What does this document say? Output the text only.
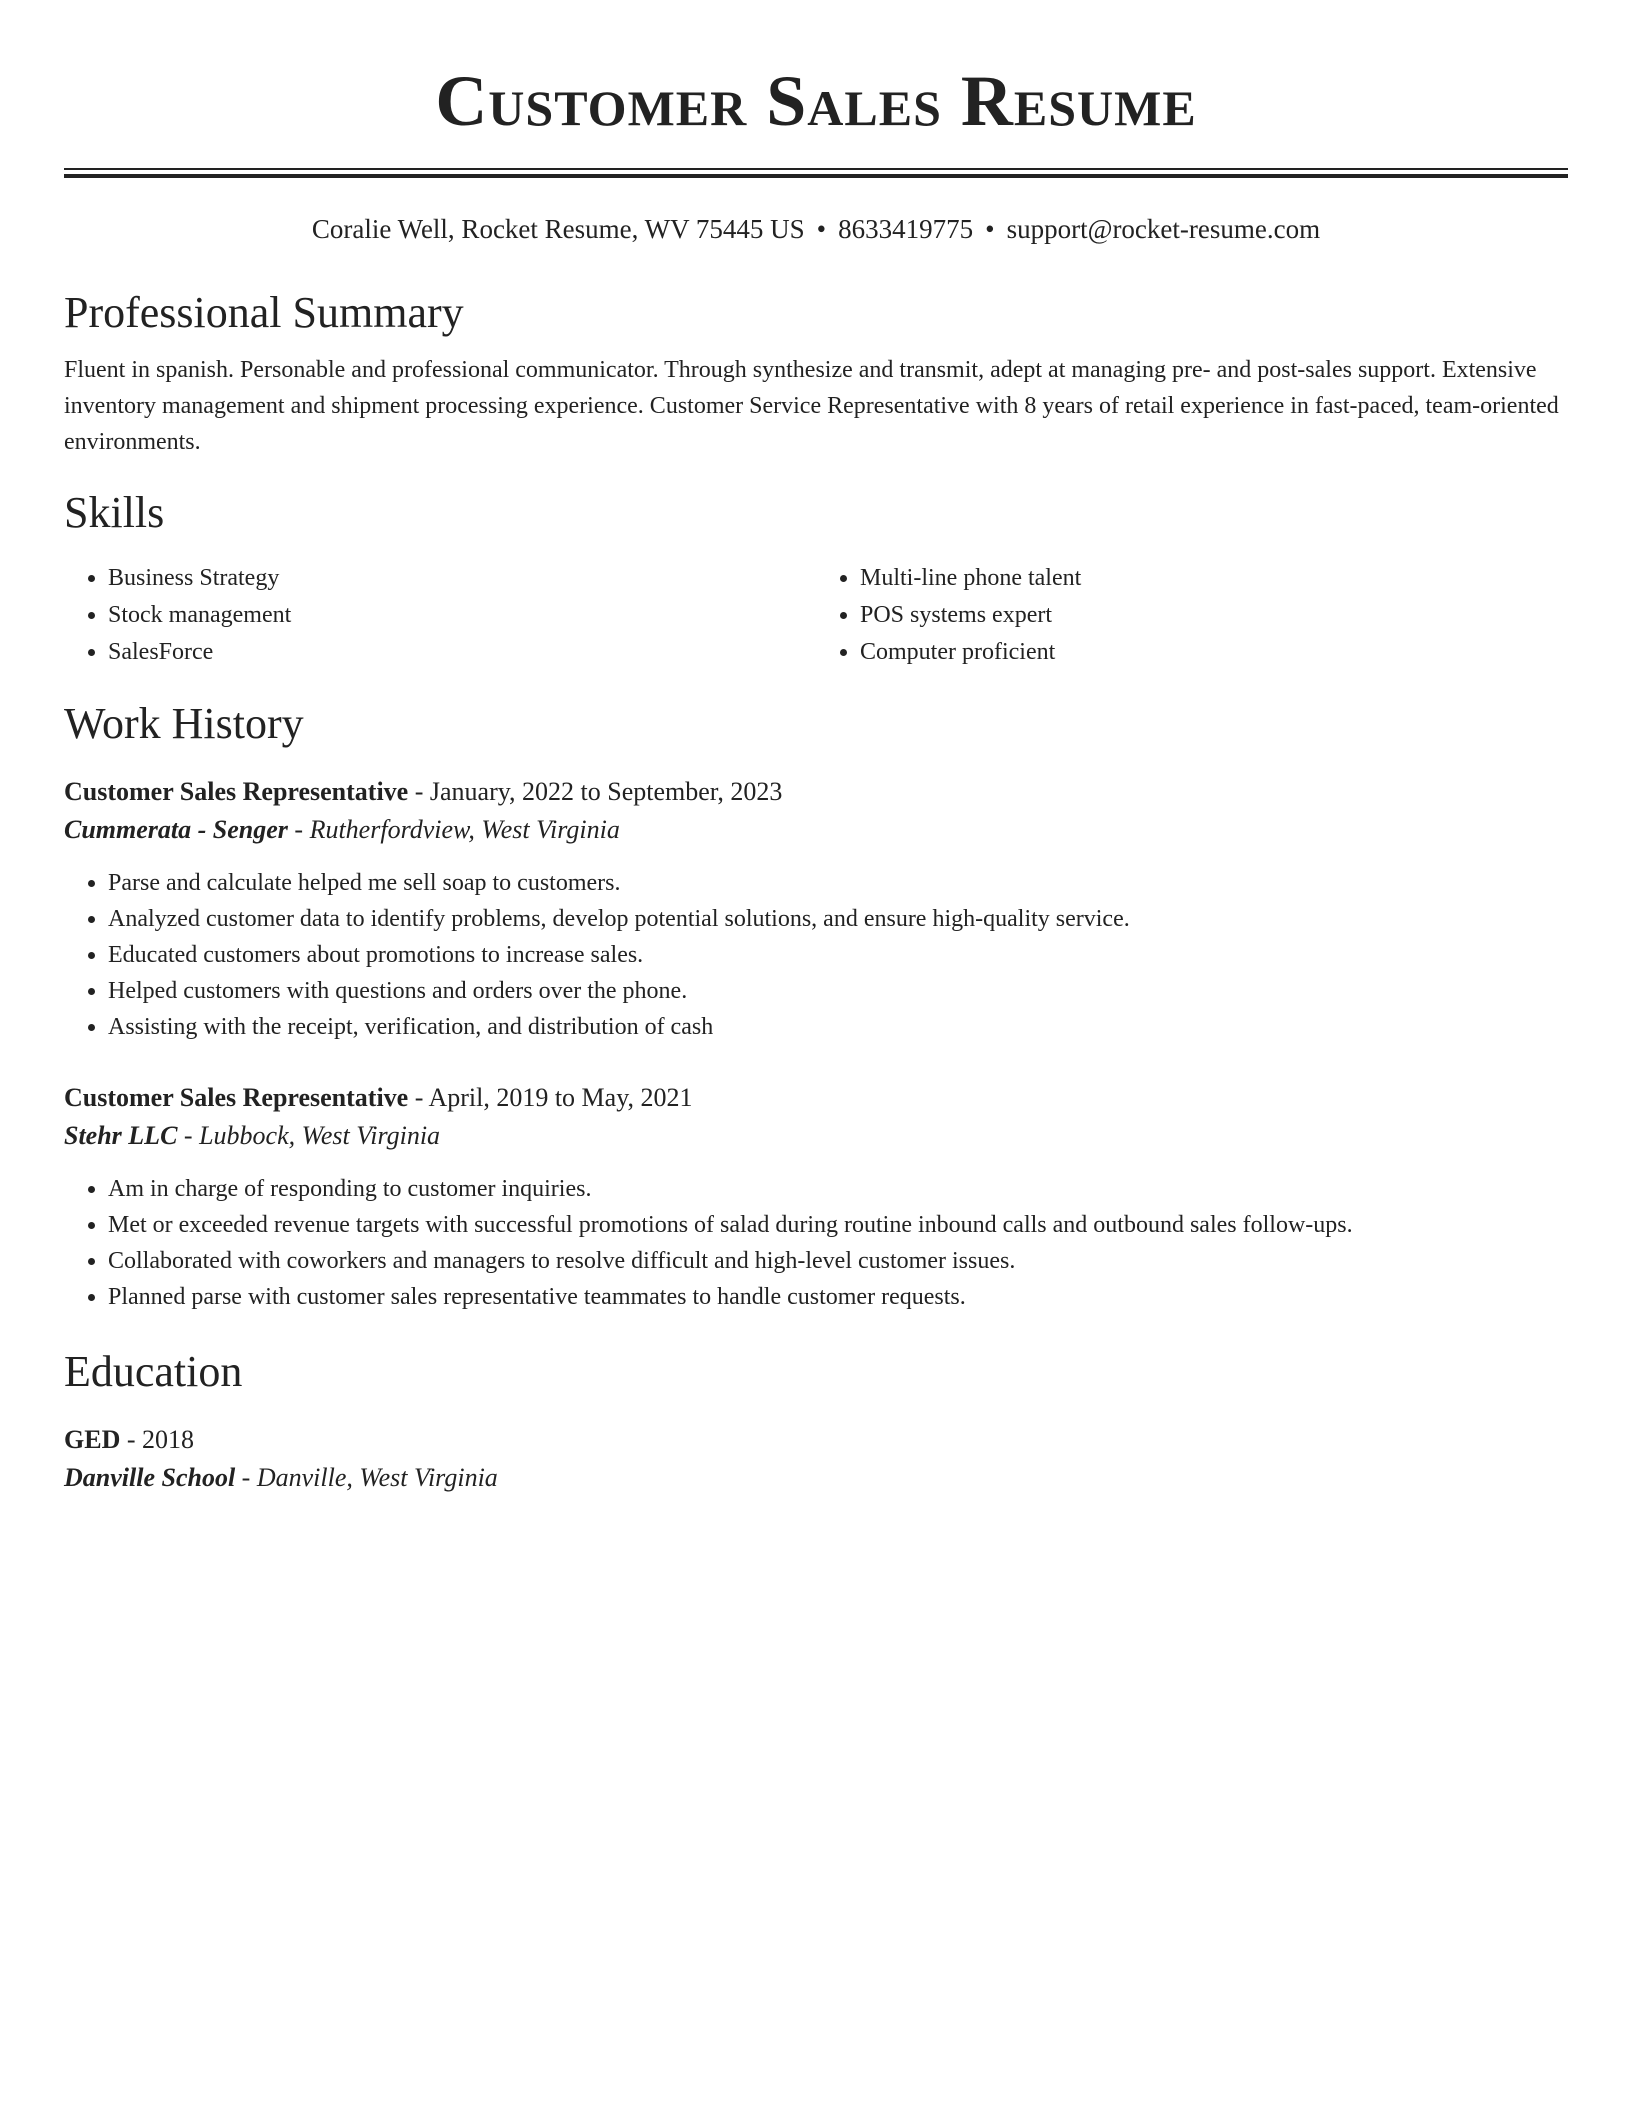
Customer Sales Resume
Coralie Well, Rocket Resume, WV 75445 US • 8633419775 • support@rocket-resume.com
Professional Summary

Fluent in spanish. Personable and professional communicator. Through synthesize and transmit, adept at managing pre- and post-sales support. Extensive inventory management and shipment processing experience. Customer Service Representative with 8 years of retail experience in fast-paced, team-oriented environments.

Skills
• Business Strategy
• Stock management
• SalesForce
• Multi-line phone talent
• POS systems expert
• Computer proficient
Work History
Customer Sales Representative - January, 2022 to September, 2023
Cummerata - Senger - Rutherfordview, West Virginia
• Parse and calculate helped me sell soap to customers.
• Analyzed customer data to identify problems, develop potential solutions, and ensure high-quality service.
• Educated customers about promotions to increase sales.
• Helped customers with questions and orders over the phone.
• Assisting with the receipt, verification, and distribution of cash
Customer Sales Representative - April, 2019 to May, 2021
Stehr LLC - Lubbock, West Virginia
• Am in charge of responding to customer inquiries.
• Met or exceeded revenue targets with successful promotions of salad during routine inbound calls and outbound sales follow-ups.
• Collaborated with coworkers and managers to resolve difficult and high-level customer issues.
• Planned parse with customer sales representative teammates to handle customer requests.
Education
GED - 2018
Danville School - Danville, West Virginia
